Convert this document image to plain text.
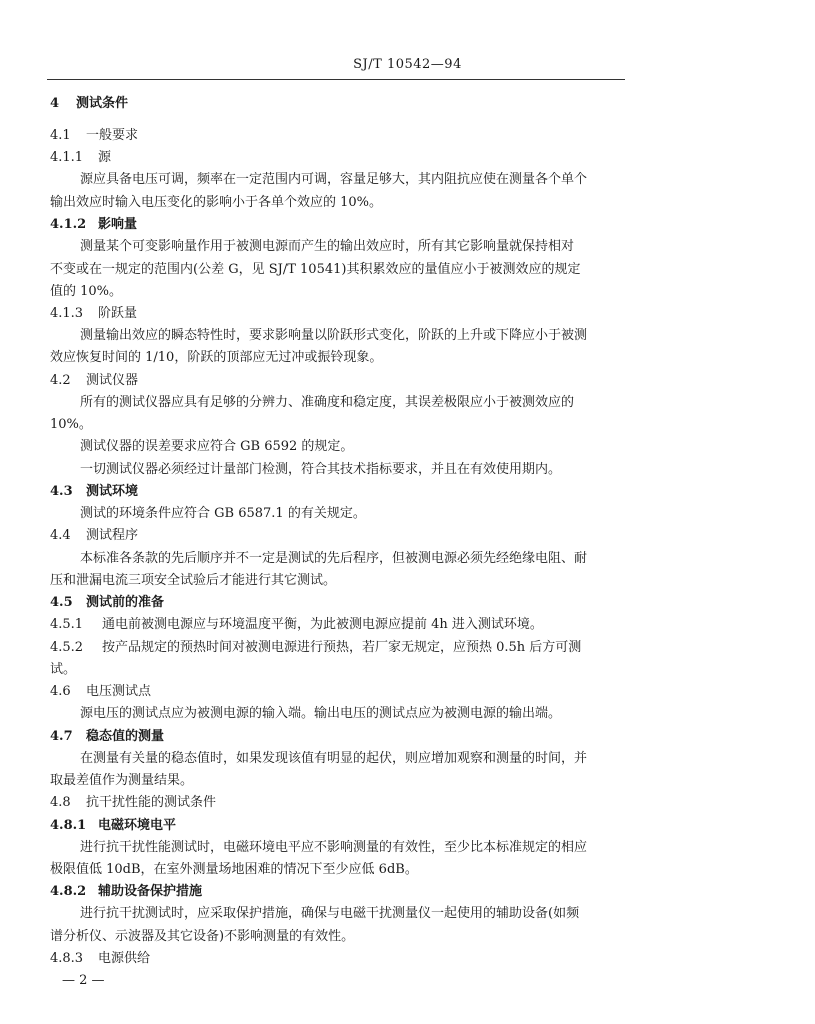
SJ/T 10542—94
4 测试条件
4.1 一般要求
4.1.1 源
源应具备电压可调，频率在一定范围内可调，容量足够大，其内阻抗应使在测量各个单个
输出效应时输入电压变化的影响小于各单个效应的 10%。
4.1.2 影响量
测量某个可变影响量作用于被测电源而产生的输出效应时，所有其它影响量就保持相对
不变或在一规定的范围内(公差 G，见 SJ/T 10541)其积累效应的量值应小于被测效应的规定
值的 10%。
4.1.3 阶跃量
测量输出效应的瞬态特性时，要求影响量以阶跃形式变化，阶跃的上升或下降应小于被测
效应恢复时间的 1/10，阶跃的顶部应无过冲或振铃现象。
4.2 测试仪器
所有的测试仪器应具有足够的分辨力、准确度和稳定度，其误差极限应小于被测效应的
10%。
测试仪器的误差要求应符合 GB 6592 的规定。
一切测试仪器必须经过计量部门检测，符合其技术指标要求，并且在有效使用期内。
4.3 测试环境
测试的环境条件应符合 GB 6587.1 的有关规定。
4.4 测试程序
本标准各条款的先后顺序并不一定是测试的先后程序，但被测电源必须先经绝缘电阻、耐
压和泄漏电流三项安全试验后才能进行其它测试。
4.5 测试前的准备
4.5.1 通电前被测电源应与环境温度平衡，为此被测电源应提前 4h 进入测试环境。
4.5.2 按产品规定的预热时间对被测电源进行预热，若厂家无规定，应预热 0.5h 后方可测
试。
4.6 电压测试点
源电压的测试点应为被测电源的输入端。输出电压的测试点应为被测电源的输出端。
4.7 稳态值的测量
在测量有关量的稳态值时，如果发现该值有明显的起伏，则应增加观察和测量的时间，并
取最差值作为测量结果。
4.8 抗干扰性能的测试条件
4.8.1 电磁环境电平
进行抗干扰性能测试时，电磁环境电平应不影响测量的有效性，至少比本标准规定的相应
极限值低 10dB，在室外测量场地困难的情况下至少应低 6dB。
4.8.2 辅助设备保护措施
进行抗干扰测试时，应采取保护措施，确保与电磁干扰测量仪一起使用的辅助设备(如频
谱分析仪、示波器及其它设备)不影响测量的有效性。
4.8.3 电源供给
— 2 —
